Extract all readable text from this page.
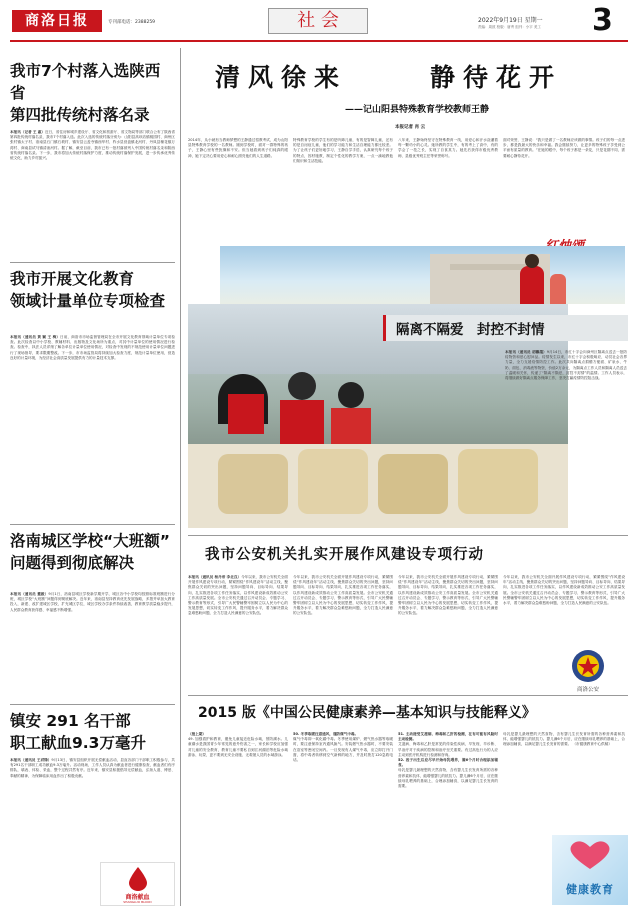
商洛日报	专刊部电话：2388259	社 会	2022年9月19日 星期一
责编：周波 校版：唐秀 组刊：小宇 美工 3
我市7个村落入选陕西省
第四批传统村落名录
本报讯（记者 王 惠）近日，省住房和城乡建设厅、省文化和旅游厅、省文物局等部门联合公布了陕西省第四批传统村落名录，我市7个村落入选。此次入选的传统村落分别为：山阳县高坝店镇桃园村、商州区张村镇太子村、洛南县石门镇石坡村、镇安县云盖寺镇西华村、柞水县营盘镇北河村、丹凤县棣花镇万湾村、商南县试马镇清油河村。据了解，截至目前，我市已有一批村落被列入中国传统村落名录和陕西省传统村落名录。下一步，我市将加大传统村落保护力度，推动传统村落保护发展，进一步传承优秀传统文化，助力乡村振兴。
我市开展文化教育
领域计量单位专项检查
本报讯（通讯员 黄 颖 王 梅）日前，商洛市市场监督管理局在全市开展文化教育领域计量单位专项检查。此次检查以中小学校、教辅材料、出版物及文化场所为重点，对其中计量单位的使用情况进行检查。检查中，执法人员详细了解各单位计量单位使用情况，对检查中发现的不规范使用计量单位问题进行了现场指导，要求限期整改。下一步，市市场监管局将持续加大检查力度，规范计量单位使用，营造良好的计量环境，为经济社会高质量发展提供有力的计量技术支撑。
洛南城区学校“大班额”
问题得到彻底解决
本报讯（通讯员 董毅）9月1日，洛南县城区学校新学期开学，城区各中小学校均按照标准班额进行分班，城区学校“大班额”问题得到彻底解决。近年来，洛南县坚持教育优先发展战略，多措并举加大教育投入，新建、改扩建城区学校，扩充城区学位，城区学校办学条件持续改善，教育教学质量稳步提升，人民群众教育获得感、幸福感不断增强。
镇安 291 名干部
职工献血9.3万毫升
本报讯（通讯员 王君锋）9月13日，镇安县组织开展无偿献血活动，县直各部门干部职工积极参与，共有291名干部职工成功献血9.3万毫升。活动现场，工作人员认真为献血者进行健康检查，献血者们有序排队，填表、体检、采血，整个过程井然有序。近年来，镇安县积极倡导无偿献血，弘扬人道、博爱、奉献的精神，为保障临床用血作出了积极贡献。
商洛献血
SHANGLUO BLOOD
清风徐来	静待花开
——记山阳县特殊教育学校教师王静
本报记者 肖 云
2014年，从小就有当教师梦想的王静通过招教考试，成为山阳县特殊教育学校的一名教师。刚到学校时，面对一群特殊的孩子，王静心里有些犹豫和不安。但当她看到孩子们纯真的眼神，她下定决心要用爱心和耐心照亮他们的人生道路。
特殊教育学校的学生有的是听障儿童，有的是智障儿童，还有的是自闭症儿童，他们的学习能力和生活自理能力都比较差。为了让孩子们更好地学习，王静自学手语，认真研究每个孩子的特点，因材施教，制定个性化的教学方案，一点一滴地教他们知识和生活技能。
八年来，王静始终坚守在特殊教育一线，用爱心和汗水浇灌着每一颗幼小的心灵。她所教的学生中，有的考上了高中，有的学会了一技之长，实现了自食其力。她先后获得市级优秀教师、县级优秀班主任等荣誉称号。
面对荣誉，王静说：“我只是做了一名教师应该做的事情。孩子们的每一点进步，都是我最大的快乐和幸福。我会继续努力，让更多的特殊孩子享受到公平而有质量的教育。”在她的眼中，每个孩子都是一朵花，只是花期不同，需要耐心静待花开。
隔离不隔爱　封控不封情
本报讯（通讯员 胡馨越）9月14日，市红十字会向商州区隔离点送去一批防疫物资和爱心慰问品。疫情发生以来，市红十字会积极响应，动员社会各界力量，全力支援疫情防控工作。此次共向隔离点捐赠方便面、矿泉水、牛奶、面包、消毒液等物资，价值2万余元，为隔离点工作人员和隔离人员送去了温暖和关怀，传递了“隔离不隔爱，封控不封情”的温情。工作人员表示，将继续做好隔离点服务保障工作，坚决打赢疫情防控阻击战。
我市公安机关扎实开展作风建设专项行动
本报讯（通讯员 杨丹帝 李北良）今年以来，我市公安机关全面开展作风建设专项行动，紧紧围绕“作风建设年”活动主线，聚焦群众关切的突出问题，坚持问题导向、目标导向、结果导向，扎实推进各项工作任务落实，以作风建设新成效推动公安工作高质量发展。全市公安机关通过召开动员会、专题学习、警示教育等形式，引导广大民警辅警牢固树立以人民为中心的发展思想，切实转变工作作风，提升服务水平，着力解决群众急难愁盼问题，全力打造人民满意的公安队伍。
今年以来，我市公安机关全面开展作风建设专项行动，紧紧围绕“作风建设年”活动主线，聚焦群众关切的突出问题，坚持问题导向、目标导向、结果导向，扎实推进各项工作任务落实，以作风建设新成效推动公安工作高质量发展。全市公安机关通过召开动员会、专题学习、警示教育等形式，引导广大民警辅警牢固树立以人民为中心的发展思想，切实转变工作作风，提升服务水平，着力解决群众急难愁盼问题，全力打造人民满意的公安队伍。
今年以来，我市公安机关全面开展作风建设专项行动，紧紧围绕“作风建设年”活动主线，聚焦群众关切的突出问题，坚持问题导向、目标导向、结果导向，扎实推进各项工作任务落实，以作风建设新成效推动公安工作高质量发展。全市公安机关通过召开动员会、专题学习、警示教育等形式，引导广大民警辅警牢固树立以人民为中心的发展思想，切实转变工作作风，提升服务水平，着力解决群众急难愁盼问题，全力打造人民满意的公安队伍。
今年以来，我市公安机关全面开展作风建设专项行动，紧紧围绕“作风建设年”活动主线，聚焦群众关切的突出问题，坚持问题导向、目标导向、结果导向，扎实推进各项工作任务落实，以作风建设新成效推动公安工作高质量发展。全市公安机关通过召开动员会、专题学习、警示教育等形式，引导广大民警辅警牢固树立以人民为中心的发展思想，切实转变工作作风，提升服务水平，着力解决群众急难愁盼问题，全力打造人民满意的公安队伍。
商洛公安
2015 版《中国公民健康素养—基本知识与技能释义》
（接上期）
49. 加强看护和教育，避免儿童接近危险水域，预防溺水。儿童溺水是我国青少年常见的意外伤害之一，家长和学校应加强对儿童的安全教育，教育儿童不要私自到江河湖泊等危险水域游泳、玩耍，更不要到无安全设施、无救援人员的水域游泳。
50. 冬季取暖注意通风，谨防煤气中毒。
煤气中毒即一氧化碳中毒。冬季使用煤炉、燃气热水器等取暖时，要注意保持室内通风换气。安装燃气热水器时，不要安装在浴室等密闭空间内。一旦发现有人煤气中毒，应立即打开门窗，将中毒者转移到空气新鲜的地方，并及时拨打120急救电话。
51. 主动接受艾滋病、梅毒和乙肝的检测，在有可能有风险时主动检测。
艾滋病、梅毒和乙肝是常见的传染性疾病，早发现、早诊断、早治疗对于疾病的控制和治疗至关重要。有过高危行为的人应主动到医疗机构进行检测和咨询。
52. 孩子出生后应尽早开始母乳喂养，满6个月时合理添加辅食。
母乳是婴儿最理想的天然食物，含有婴儿生长发育所需的各种营养素和抗体，能增强婴儿的抵抗力。婴儿满6个月后，应在继续母乳喂养的基础上，合理添加辅食，以满足婴儿生长发育的需要。
母乳是婴儿最理想的天然食物，含有婴儿生长发育所需的各种营养素和抗体，能增强婴儿的抵抗力。婴儿满6个月后，应在继续母乳喂养的基础上，合理添加辅食，以满足婴儿生长发育的需要。 （市健康教育中心供稿）
健康教育
